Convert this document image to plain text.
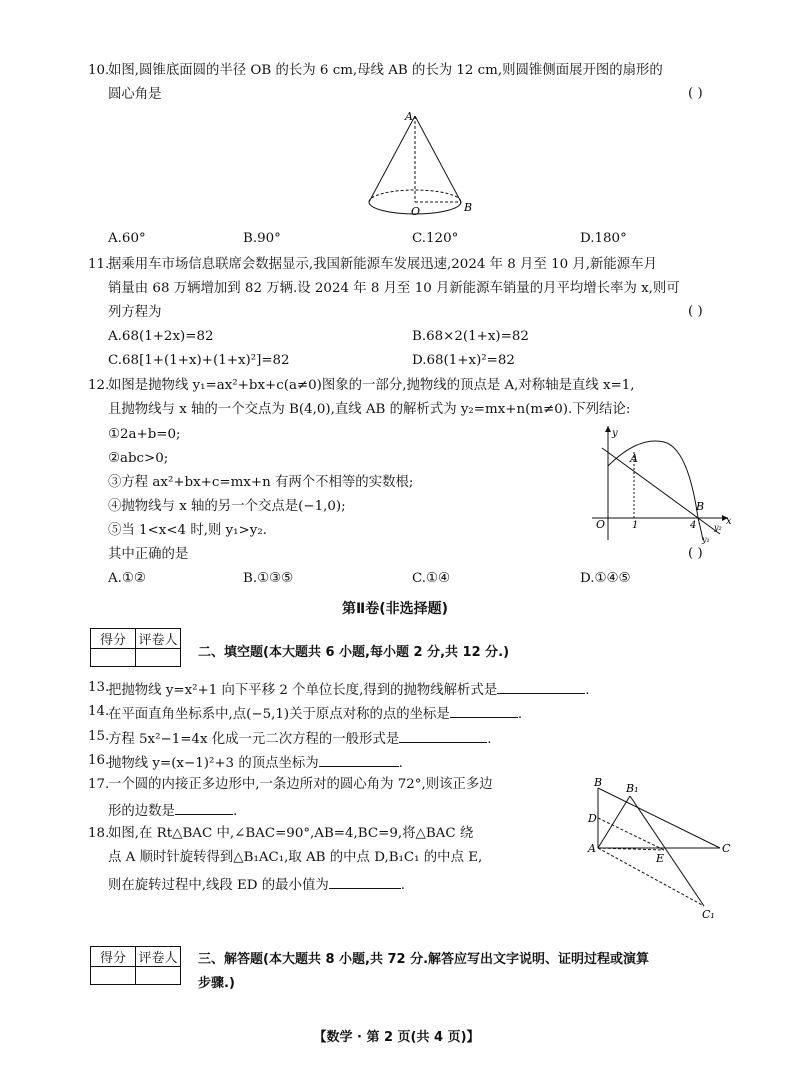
10.
如图,圆锥底面圆的半径 OB 的长为 6 cm,母线 AB 的长为 12 cm,则圆锥侧面展开图的扇形的
圆心角是	( )
A
O	B
A.60°	B.90°	C.120°	D.180°
11.
据乘用车市场信息联席会数据显示,我国新能源车发展迅速,2024 年 8 月至 10 月,新能源车月
销量由 68 万辆增加到 82 万辆.设 2024 年 8 月至 10 月新能源车销量的月平均增长率为 x,则可
列方程为	( )
A.68(1+2x)=82	B.68×2(1+x)=82
C.68[1+(1+x)+(1+x)²]=82	D.68(1+x)²=82
12.
如图是抛物线 y₁=ax²+bx+c(a≠0)图象的一部分,抛物线的顶点是 A,对称轴是直线 x=1,
且抛物线与 x 轴的一个交点为 B(4,0),直线 AB 的解析式为 y₂=mx+n(m≠0).下列结论:
①2a+b=0;
②abc>0;
③方程 ax²+bx+c=mx+n 有两个不相等的实数根;
④抛物线与 x 轴的另一个交点是(−1,0);
⑤当 1<x<4 时,则 y₁>y₂.
其中正确的是	( )
y
A
B
O	1	4	x
y₁
y₂
A.①②	B.①③⑤	C.①④	D.①④⑤
第Ⅱ卷(非选择题)
得分	评卷人

二、填空题(本大题共 6 小题,每小题 2 分,共 12 分.)
13.
把抛物线 y=x²+1 向下平移 2 个单位长度,得到的抛物线解析式是	.
14.
在平面直角坐标系中,点(−5,1)关于原点对称的点的坐标是	.
15.
方程 5x²−1=4x 化成一元二次方程的一般形式是	.
16.
抛物线 y=(x−1)²+3 的顶点坐标为	.
17.
一个圆的内接正多边形中,一条边所对的圆心角为 72°,则该正多边
形的边数是	.
18.
如图,在 Rt△BAC 中,∠BAC=90°,AB=4,BC=9,将△BAC 绕
点 A 顺时针旋转得到△B₁AC₁,取 AB 的中点 D,B₁C₁ 的中点 E,
则在旋转过程中,线段 ED 的最小值为	.
B B₁
D
A
E
C
C₁
得分	评卷人
	三、解答题(本大题共 8 小题,共 72 分.解答应写出文字说明、证明过程或演算
步骤.)
【数学 · 第 2 页(共 4 页)】
